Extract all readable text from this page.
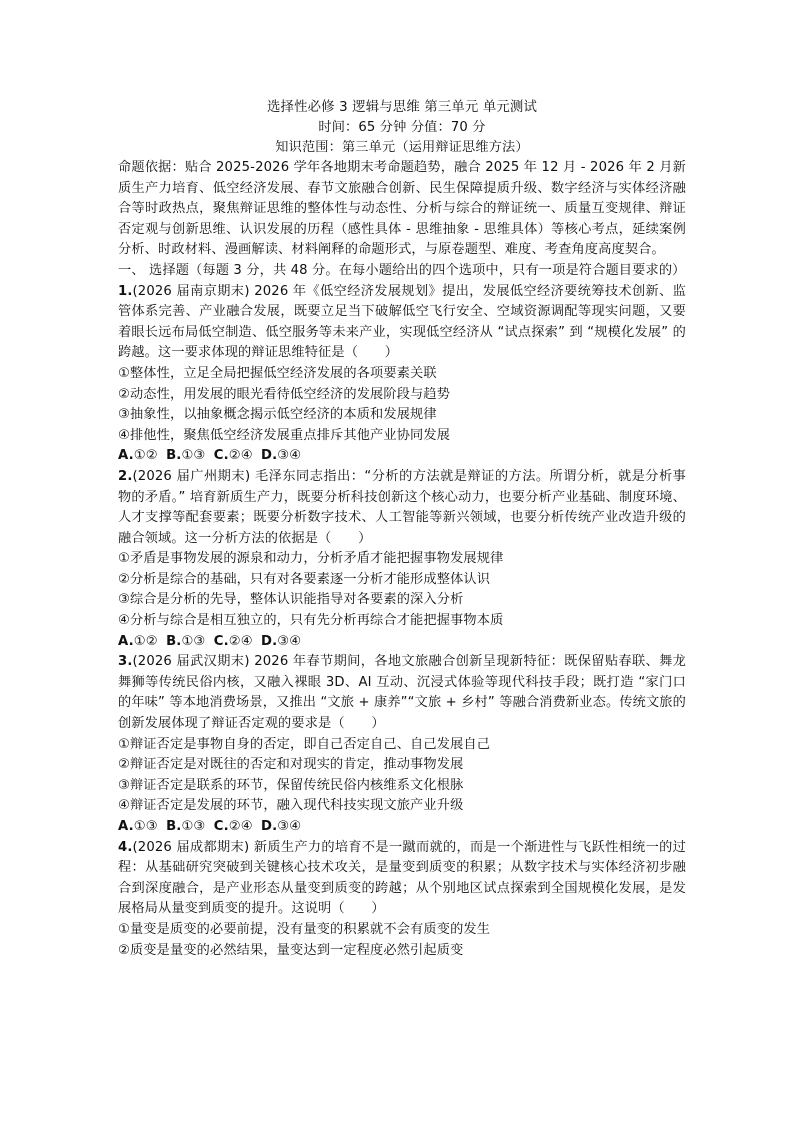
选择性必修 3 逻辑与思维 第三单元 单元测试
时间：65 分钟 分值：70 分
知识范围：第三单元（运用辩证思维方法）
命题依据：贴合 2025-2026 学年各地期末考命题趋势，融合 2025 年 12 月 - 2026 年 2 月新质生产力培育、低空经济发展、春节文旅融合创新、民生保障提质升级、数字经济与实体经济融合等时政热点，聚焦辩证思维的整体性与动态性、分析与综合的辩证统一、质量互变规律、辩证否定观与创新思维、认识发展的历程（感性具体 - 思维抽象 - 思维具体）等核心考点，延续案例分析、时政材料、漫画解读、材料阐释的命题形式，与原卷题型、难度、考查角度高度契合。
一、 选择题（每题 3 分，共 48 分。在每小题给出的四个选项中，只有一项是符合题目要求的）
1.(2026 届南京期末) 2026 年《低空经济发展规划》提出，发展低空经济要统筹技术创新、监管体系完善、产业融合发展，既要立足当下破解低空飞行安全、空域资源调配等现实问题，又要着眼长远布局低空制造、低空服务等未来产业，实现低空经济从 “试点探索” 到 “规模化发展” 的跨越。这一要求体现的辩证思维特征是（　　）
①整体性，立足全局把握低空经济发展的各项要素关联
②动态性，用发展的眼光看待低空经济的发展阶段与趋势
③抽象性，以抽象概念揭示低空经济的本质和发展规律
④排他性，聚焦低空经济发展重点排斥其他产业协同发展
A.①② B.①③ C.②④ D.③④
2.(2026 届广州期末) 毛泽东同志指出：“分析的方法就是辩证的方法。所谓分析，就是分析事物的矛盾。” 培育新质生产力，既要分析科技创新这个核心动力，也要分析产业基础、制度环境、人才支撑等配套要素；既要分析数字技术、人工智能等新兴领域，也要分析传统产业改造升级的融合领域。这一分析方法的依据是（　　）
①矛盾是事物发展的源泉和动力，分析矛盾才能把握事物发展规律
②分析是综合的基础，只有对各要素逐一分析才能形成整体认识
③综合是分析的先导，整体认识能指导对各要素的深入分析
④分析与综合是相互独立的，只有先分析再综合才能把握事物本质
A.①② B.①③ C.②④ D.③④
3.(2026 届武汉期末) 2026 年春节期间，各地文旅融合创新呈现新特征：既保留贴春联、舞龙舞狮等传统民俗内核，又融入裸眼 3D、AI 互动、沉浸式体验等现代科技手段；既打造 “家门口的年味” 等本地消费场景，又推出 “文旅 + 康养”“文旅 + 乡村” 等融合消费新业态。传统文旅的创新发展体现了辩证否定观的要求是（　　）
①辩证否定是事物自身的否定，即自己否定自己、自己发展自己
②辩证否定是对既往的否定和对现实的肯定，推动事物发展
③辩证否定是联系的环节，保留传统民俗内核维系文化根脉
④辩证否定是发展的环节，融入现代科技实现文旅产业升级
A.①③ B.①③ C.②④ D.③④
4.(2026 届成都期末) 新质生产力的培育不是一蹴而就的，而是一个渐进性与飞跃性相统一的过程：从基础研究突破到关键核心技术攻关，是量变到质变的积累；从数字技术与实体经济初步融合到深度融合，是产业形态从量变到质变的跨越；从个别地区试点探索到全国规模化发展，是发展格局从量变到质变的提升。这说明（　　）
①量变是质变的必要前提，没有量变的积累就不会有质变的发生
②质变是量变的必然结果，量变达到一定程度必然引起质变
